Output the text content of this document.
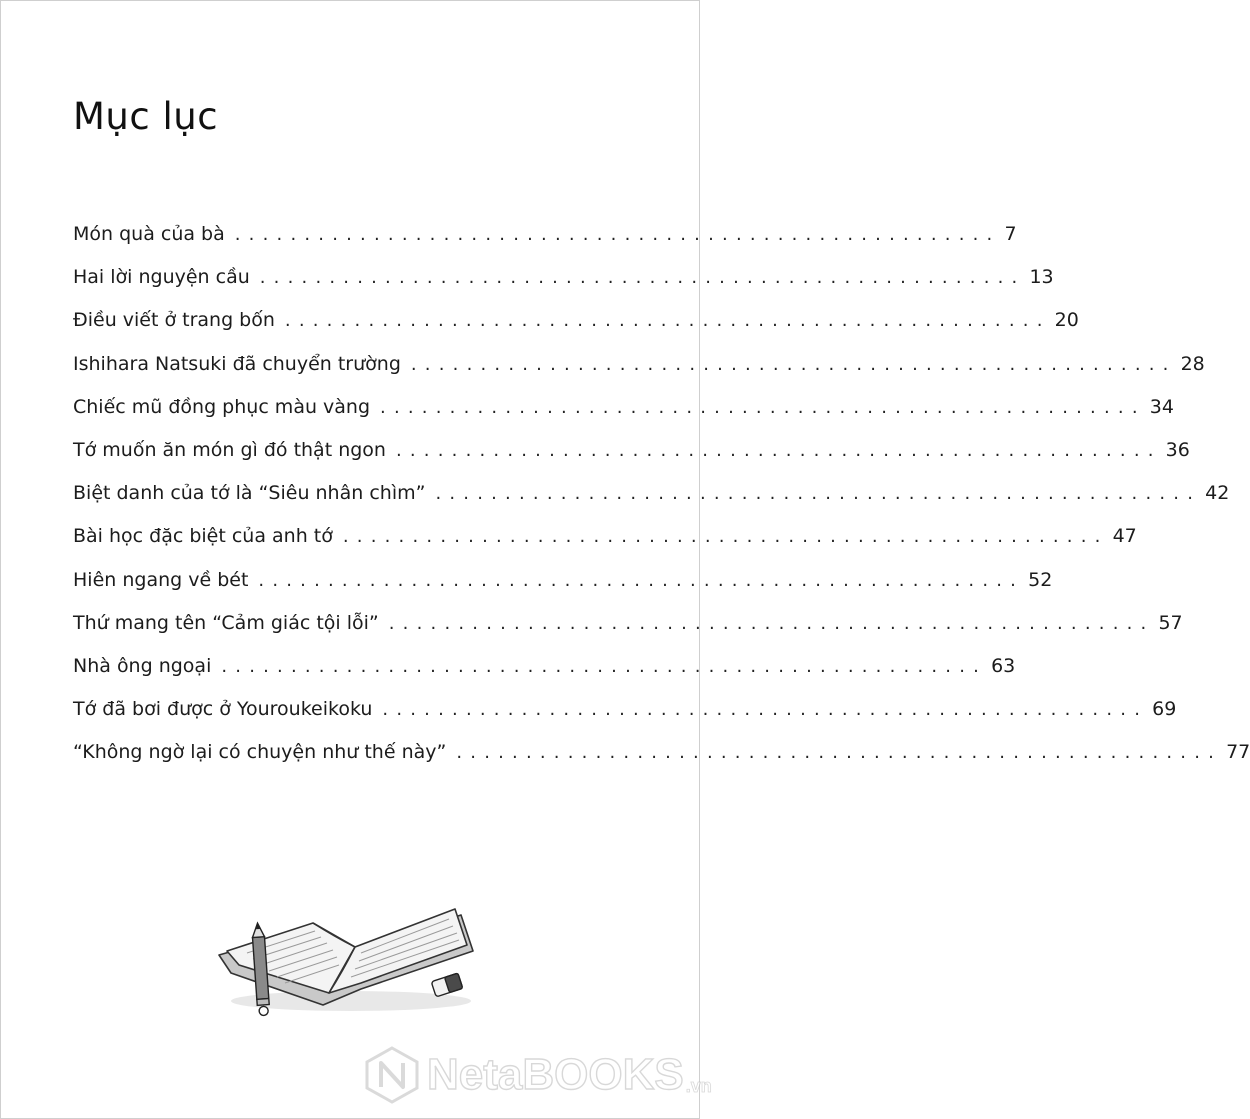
Mục lục
Món quà của bà ....................................................... 7
Hai lời nguyện cầu ....................................................... 13
Điều viết ở trang bốn ....................................................... 20
Ishihara Natsuki đã chuyển trường ....................................................... 28
Chiếc mũ đồng phục màu vàng ....................................................... 34
Tớ muốn ăn món gì đó thật ngon ....................................................... 36
Biệt danh của tớ là “Siêu nhân chìm” ....................................................... 42
Bài học đặc biệt của anh tớ ....................................................... 47
Hiên ngang về bét ....................................................... 52
Thứ mang tên “Cảm giác tội lỗi” ....................................................... 57
Nhà ông ngoại ....................................................... 63
Tớ đã bơi được ở Youroukeikoku ....................................................... 69
“Không ngờ lại có chuyện như thế này” ....................................................... 77
NetaBOOKS .vn
